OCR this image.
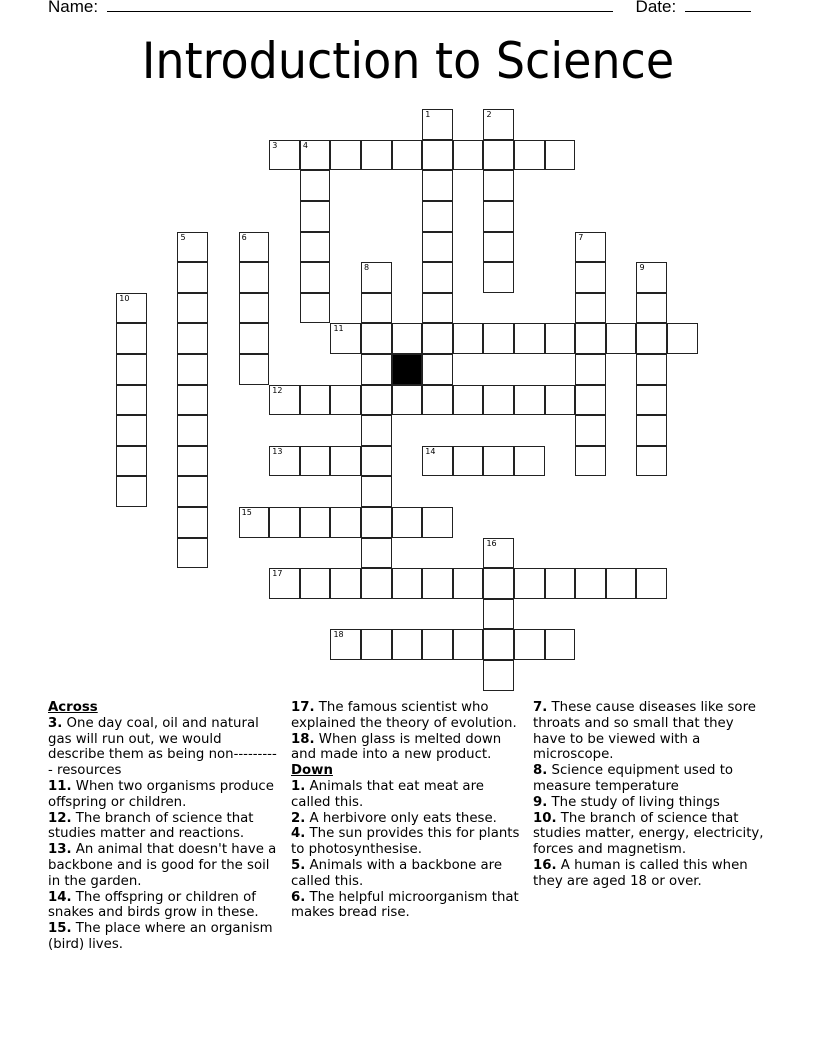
Name:	Date:
Introduction to Science
1	2
3	4
5	6	7
8	9
10
11
12
13	14
15
16
17
18
Across
3. One day coal, oil and natural gas will run out, we would describe them as being non---------- resources
11. When two organisms produce offspring or children.
12. The branch of science that studies matter and reactions.
13. An animal that doesn't have a backbone and is good for the soil in the garden.
14. The offspring or children of snakes and birds grow in these.
15. The place where an organism (bird) lives.
17. The famous scientist who explained the theory of evolution.
18. When glass is melted down and made into a new product.
Down
1. Animals that eat meat are called this.
2. A herbivore only eats these.
4. The sun provides this for plants to photosynthesise.
5. Animals with a backbone are called this.
6. The helpful microorganism that makes bread rise.
7. These cause diseases like sore throats and so small that they have to be viewed with a microscope.
8. Science equipment used to measure temperature
9. The study of living things
10. The branch of science that studies matter, energy, electricity, forces and magnetism.
16. A human is called this when they are aged 18 or over.
